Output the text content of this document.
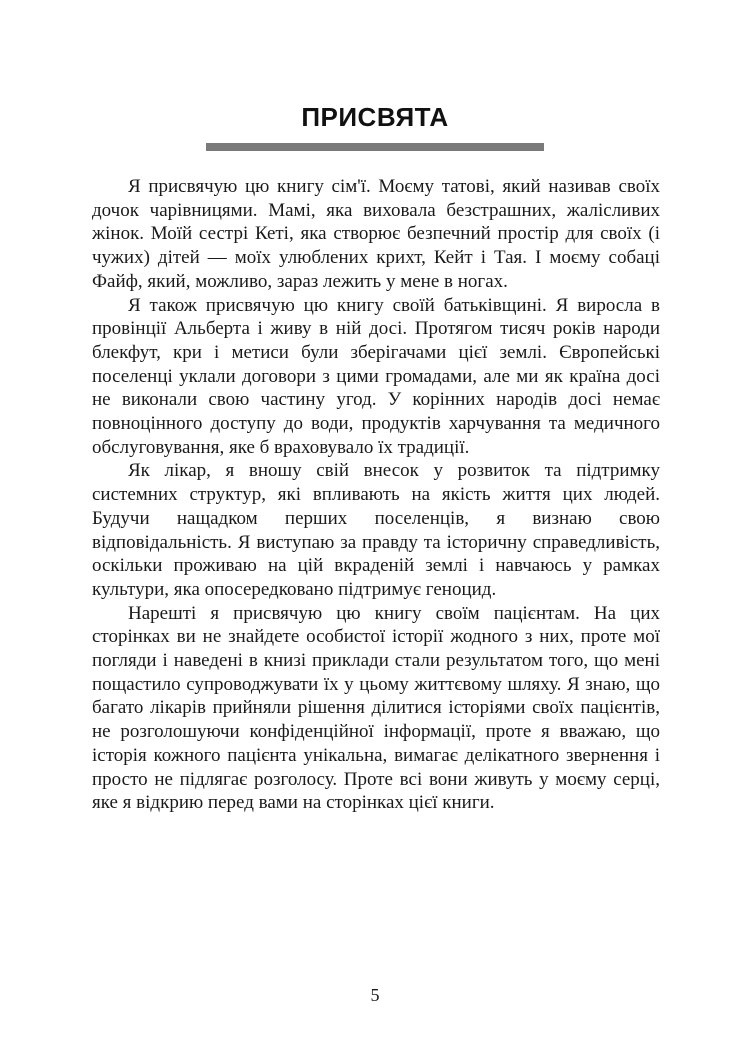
ПРИСВЯТА

Я присвячую цю книгу сім'ї. Моєму татові, який називав своїх дочок чарівницями. Мамі, яка виховала безстрашних, жалісливих жінок. Моїй сестрі Кеті, яка створює безпечний простір для своїх (і чужих) дітей — моїх улюблених крихт, Кейт і Тая. І моєму собаці Файф, який, можливо, зараз лежить у мене в ногах.

Я також присвячую цю книгу своїй батьківщині. Я виросла в провінції Альберта і живу в ній досі. Протягом тисяч років народи блекфут, кри і метиси були зберігачами цієї землі. Європейські поселенці уклали договори з цими громадами, але ми як країна досі не виконали свою частину угод. У корінних народів досі немає повноцінного доступу до води, продуктів харчування та медичного обслуговування, яке б враховувало їх традиції.

Як лікар, я вношу свій внесок у розвиток та підтримку системних структур, які впливають на якість життя цих людей. Будучи нащадком перших поселенців, я визнаю свою відповідальність. Я виступаю за правду та історичну справедливість, оскільки проживаю на цій вкраденій землі і навчаюсь у рамках культури, яка опосередковано підтримує геноцид.

Нарешті я присвячую цю книгу своїм пацієнтам. На цих сторінках ви не знайдете особистої історії жодного з них, проте мої погляди і наведені в книзі приклади стали результатом того, що мені пощастило супроводжувати їх у цьому життєвому шляху. Я знаю, що багато лікарів прийняли рішення ділитися історіями своїх пацієнтів, не розголошуючи конфіденційної інформації, проте я вважаю, що історія кожного пацієнта унікальна, вимагає делікатного звернення і просто не підлягає розголосу. Проте всі вони живуть у моєму серці, яке я відкрию перед вами на сторінках цієї книги.

5
